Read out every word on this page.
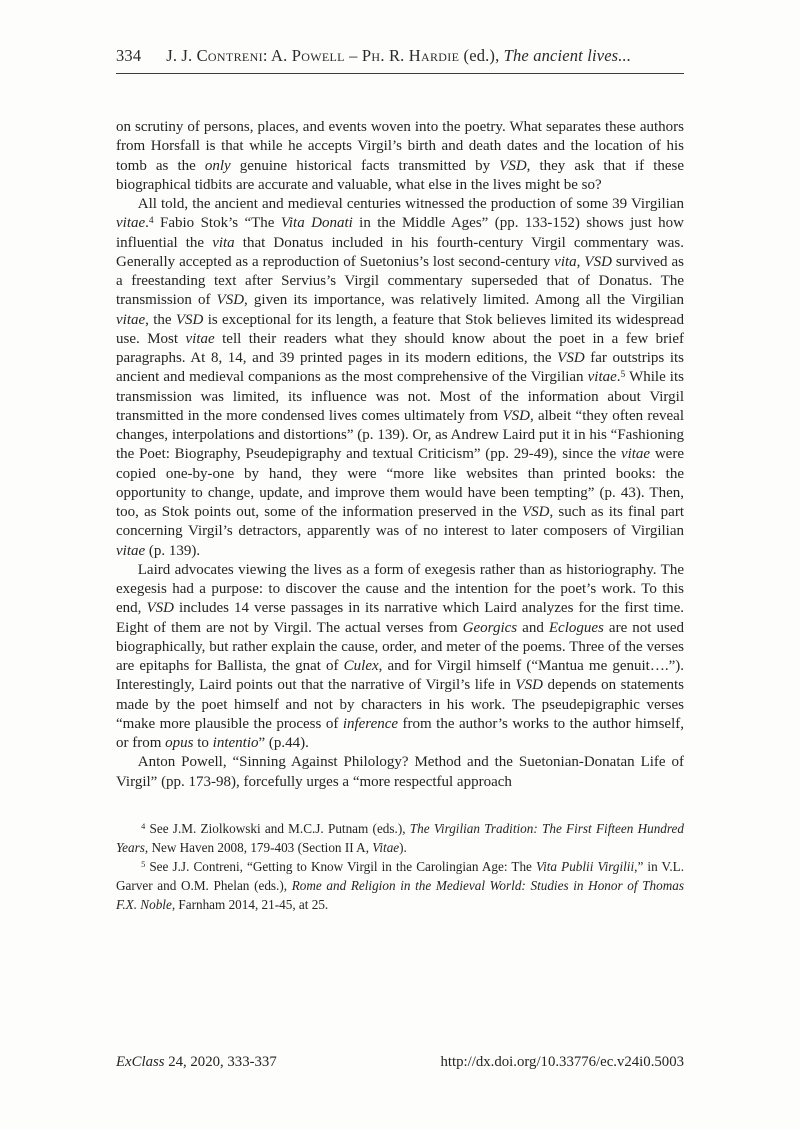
334 J. J. Contreni: A. Powell – Ph. R. Hardie (ed.), The ancient lives...

on scrutiny of persons, places, and events woven into the poetry. What separates these authors from Horsfall is that while he accepts Virgil’s birth and death dates and the location of his tomb as the only genuine historical facts transmitted by VSD, they ask that if these biographical tidbits are accurate and valuable, what else in the lives might be so?

All told, the ancient and medieval centuries witnessed the production of some 39 Virgilian vitae.$^4$ Fabio Stok’s “The Vita Donati in the Middle Ages” (pp. 133-152) shows just how influential the vita that Donatus included in his fourth-century Virgil commentary was. Generally accepted as a reproduction of Suetonius’s lost second-century vita, VSD survived as a freestanding text after Servius’s Virgil commentary superseded that of Donatus. The transmission of VSD, given its importance, was relatively limited. Among all the Virgilian vitae, the VSD is exceptional for its length, a feature that Stok believes limited its widespread use. Most vitae tell their readers what they should know about the poet in a few brief paragraphs. At 8, 14, and 39 printed pages in its modern editions, the VSD far outstrips its ancient and medieval companions as the most comprehensive of the Virgilian vitae.$^5$ While its transmission was limited, its influence was not. Most of the information about Virgil transmitted in the more condensed lives comes ultimately from VSD, albeit “they often reveal changes, interpolations and distortions” (p. 139). Or, as Andrew Laird put it in his “Fashioning the Poet: Biography, Pseudepigraphy and textual Criticism” (pp. 29-49), since the vitae were copied one-by-one by hand, they were “more like websites than printed books: the opportunity to change, update, and improve them would have been tempting” (p. 43). Then, too, as Stok points out, some of the information preserved in the VSD, such as its final part concerning Virgil’s detractors, apparently was of no interest to later composers of Virgilian vitae (p. 139).

Laird advocates viewing the lives as a form of exegesis rather than as historiography. The exegesis had a purpose: to discover the cause and the intention for the poet’s work. To this end, VSD includes 14 verse passages in its narrative which Laird analyzes for the first time. Eight of them are not by Virgil. The actual verses from Georgics and Eclogues are not used biographically, but rather explain the cause, order, and meter of the poems. Three of the verses are epitaphs for Ballista, the gnat of Culex, and for Virgil himself (“Mantua me genuit….”). Interestingly, Laird points out that the narrative of Virgil’s life in VSD depends on statements made by the poet himself and not by characters in his work. The pseudepigraphic verses “make more plausible the process of inference from the author’s works to the author himself, or from opus to intentio” (p.44).

Anton Powell, “Sinning Against Philology? Method and the Suetonian-Donatan Life of Virgil” (pp. 173-98), forcefully urges a “more respectful approach

$^4$ See J.M. Ziolkowski and M.C.J. Putnam (eds.), The Virgilian Tradition: The First Fifteen Hundred Years, New Haven 2008, 179-403 (Section II A, Vitae).

$^5$ See J.J. Contreni, “Getting to Know Virgil in the Carolingian Age: The Vita Publii Virgilii,” in V.L. Garver and O.M. Phelan (eds.), Rome and Religion in the Medieval World: Studies in Honor of Thomas F.X. Noble, Farnham 2014, 21-45, at 25.

ExClass 24, 2020, 333-337	http://dx.doi.org/10.33776/ec.v24i0.5003
